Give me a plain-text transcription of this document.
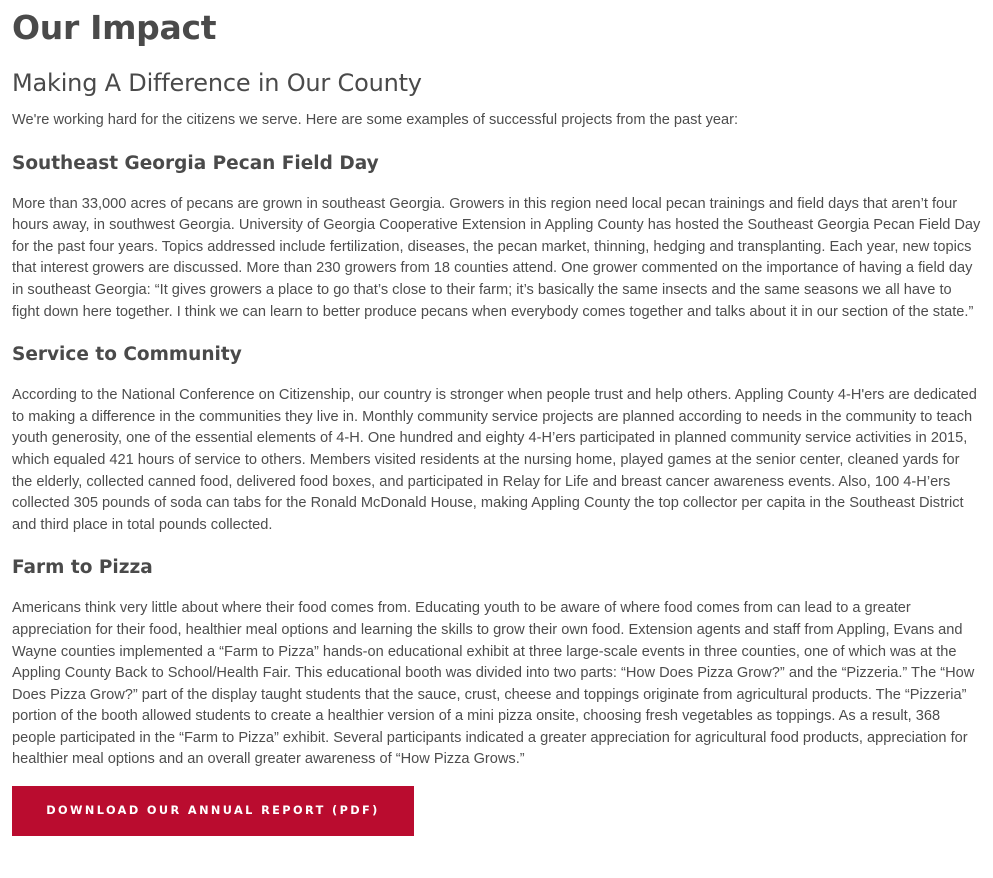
Our Impact
Making A Difference in Our County

We're working hard for the citizens we serve. Here are some examples of successful projects from the past year:

Southeast Georgia Pecan Field Day

More than 33,000 acres of pecans are grown in southeast Georgia. Growers in this region need local pecan trainings and field days that aren’t four hours away, in southwest Georgia. University of Georgia Cooperative Extension in Appling County has hosted the Southeast Georgia Pecan Field Day for the past four years. Topics addressed include fertilization, diseases, the pecan market, thinning, hedging and transplanting. Each year, new topics that interest growers are discussed. More than 230 growers from 18 counties attend. One grower commented on the importance of having a field day in southeast Georgia: “It gives growers a place to go that’s close to their farm; it’s basically the same insects and the same seasons we all have to fight down here together. I think we can learn to better produce pecans when everybody comes together and talks about it in our section of the state.”

Service to Community

According to the National Conference on Citizenship, our country is stronger when people trust and help others. Appling County 4-H'ers are dedicated to making a difference in the communities they live in. Monthly community service projects are planned according to needs in the community to teach youth generosity, one of the essential elements of 4-H. One hundred and eighty 4-H’ers participated in planned community service activities in 2015, which equaled 421 hours of service to others. Members visited residents at the nursing home, played games at the senior center, cleaned yards for the elderly, collected canned food, delivered food boxes, and participated in Relay for Life and breast cancer awareness events. Also, 100 4-H’ers collected 305 pounds of soda can tabs for the Ronald McDonald House, making Appling County the top collector per capita in the Southeast District and third place in total pounds collected.

Farm to Pizza

Americans think very little about where their food comes from. Educating youth to be aware of where food comes from can lead to a greater appreciation for their food, healthier meal options and learning the skills to grow their own food. Extension agents and staff from Appling, Evans and Wayne counties implemented a “Farm to Pizza” hands-on educational exhibit at three large-scale events in three counties, one of which was at the Appling County Back to School/Health Fair. This educational booth was divided into two parts: “How Does Pizza Grow?” and the “Pizzeria.” The “How Does Pizza Grow?” part of the display taught students that the sauce, crust, cheese and toppings originate from agricultural products. The “Pizzeria” portion of the booth allowed students to create a healthier version of a mini pizza onsite, choosing fresh vegetables as toppings. As a result, 368 people participated in the “Farm to Pizza” exhibit. Several participants indicated a greater appreciation for agricultural food products, appreciation for healthier meal options and an overall greater awareness of “How Pizza Grows.”

DOWNLOAD OUR ANNUAL REPORT (PDF)
